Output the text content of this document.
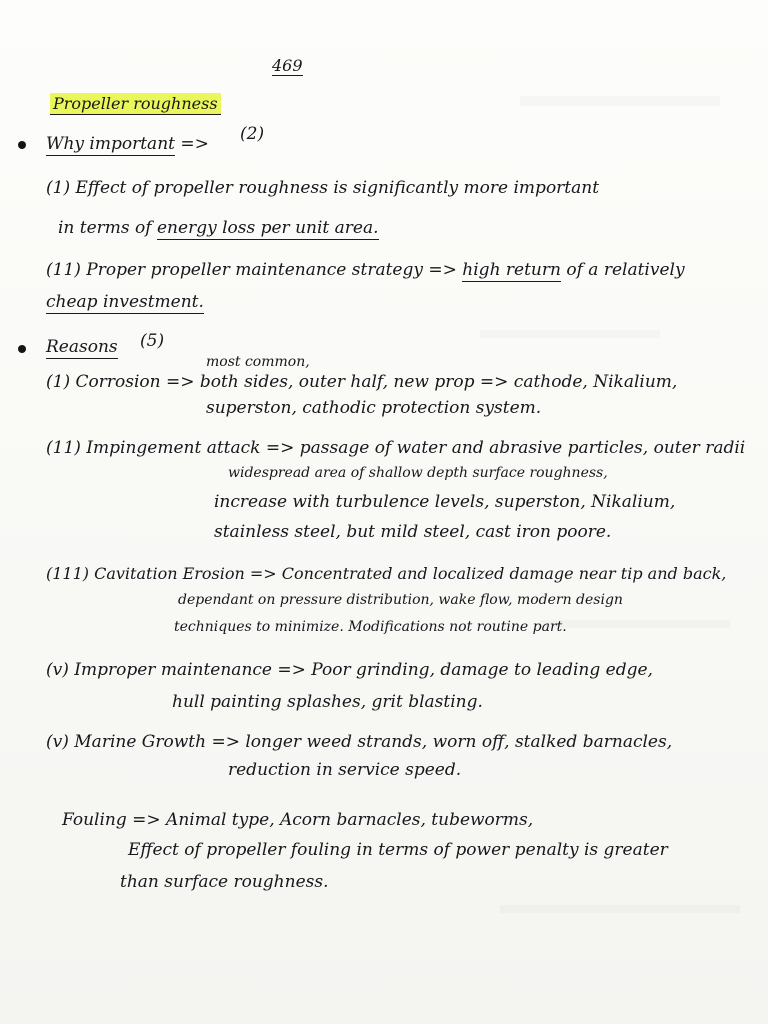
469
Propeller roughness
Why important => (2)
(1) Effect of propeller roughness is significantly more important
in terms of energy loss per unit area.
(11) Proper propeller maintenance strategy => high return of a relatively
cheap investment.
Reasons (5)
most common,
(1) Corrosion => both sides, outer half, new prop => cathode, Nikalium,
superston, cathodic protection system.
(11) Impingement attack => passage of water and abrasive particles, outer radii
widespread area of shallow depth surface roughness,
increase with turbulence levels, superston, Nikalium,
stainless steel, but mild steel, cast iron poore.
(111) Cavitation Erosion => Concentrated and localized damage near tip and back,
dependant on pressure distribution, wake flow, modern design
techniques to minimize. Modifications not routine part.
(v) Improper maintenance => Poor grinding, damage to leading edge,
hull painting splashes, grit blasting.
(v) Marine Growth => longer weed strands, worn off, stalked barnacles,
reduction in service speed.
Fouling => Animal type, Acorn barnacles, tubeworms,
Effect of propeller fouling in terms of power penalty is greater
than surface roughness.
